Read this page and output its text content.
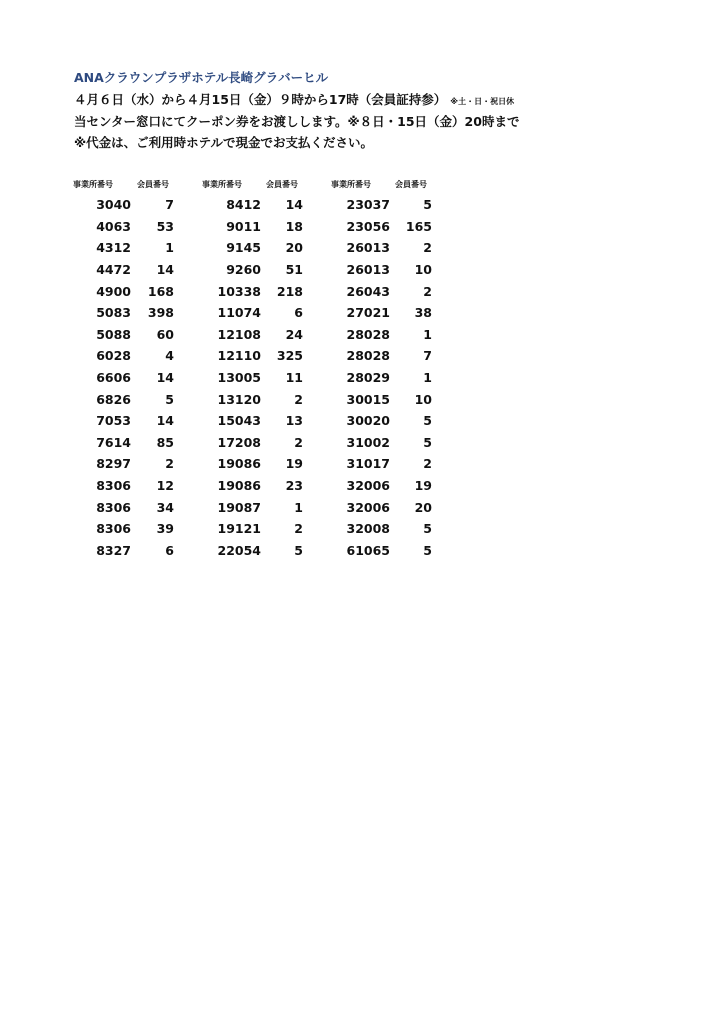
ANAクラウンプラザホテル長崎グラバーヒル
４月６日（水）から４月15日（金）９時から17時（会員証持参） ※土・日・祝日休
当センター窓口にてクーポン券をお渡しします。※８日・15日（金）20時まで
※代金は、ご利用時ホテルで現金でお支払ください。
事業所番号	会員番号
3040	7
4063 53
4312	1
4472 14
4900 168
5083 398
5088 60
6028	4
6606 14
6826	5
7053 14
7614 85
8297	2
8306 12
8306 34
8306 39
8327	6
事業所番号	会員番号
8412 14
9011 18
9145 20
9260 51
10338 218
11074	6
12108 24
12110 325
13005 11
13120	2
15043 13
17208	2
19086 19
19086 23
19087	1
19121	2
22054	5
事業所番号	会員番号
23037	5
23056 165
26013	2
26013 10
26043	2
27021 38
28028	1
28028	7
28029	1
30015 10
30020	5
31002	5
31017	2
32006 19
32006 20
32008	5
61065	5
